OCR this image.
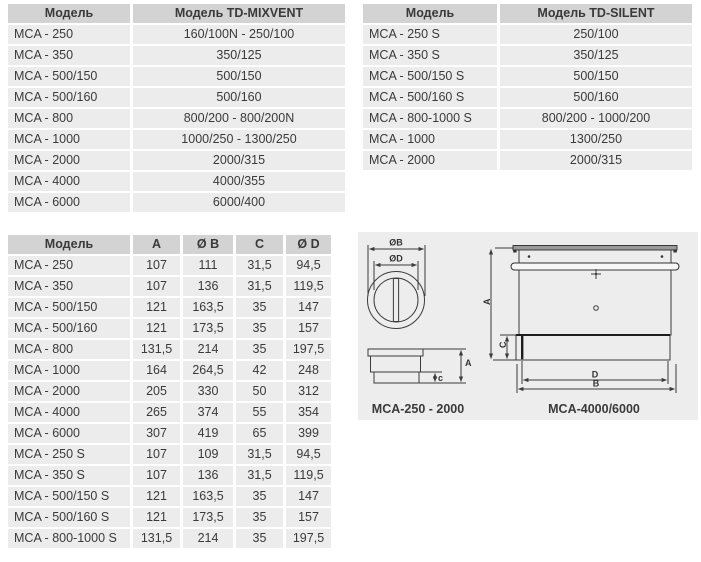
Модель	Модель TD-MIXVENT
MCA - 250	160/100N - 250/100
MCA - 350	350/125
MCA - 500/150	500/150
MCA - 500/160	500/160
MCA - 800	800/200 - 800/200N
MCA - 1000	1000/250 - 1300/250
MCA - 2000	2000/315
MCA - 4000	4000/355
MCA - 6000	6000/400
Модель	Модель TD-SILENT
MCA - 250 S	250/100
MCA - 350 S	350/125
MCA - 500/150 S	500/150
MCA - 500/160 S	500/160
MCA - 800-1000 S	800/200 - 1000/200
MCA - 1000	1300/250
MCA - 2000	2000/315
Модель	A	Ø B	C	Ø D
MCA - 250	107	111	31,5	94,5
MCA - 350	107	136	31,5	119,5
MCA - 500/150	121	163,5	35	147
MCA - 500/160	121	173,5	35	157
MCA - 800	131,5	214	35	197,5
MCA - 1000	164	264,5	42	248
MCA - 2000	205	330	50	312
MCA - 4000	265	374	55	354
MCA - 6000	307	419	65	399
MCA - 250 S	107	109	31,5	94,5
MCA - 350 S	107	136	31,5	119,5
MCA - 500/150 S	121	163,5	35	147
MCA - 500/160 S	121	173,5	35	157
MCA - 800-1000 S	131,5	214	35	197,5
ØB
ØD
A
c
MCA-250 - 2000
A
C
D
B
MCA-4000/6000
